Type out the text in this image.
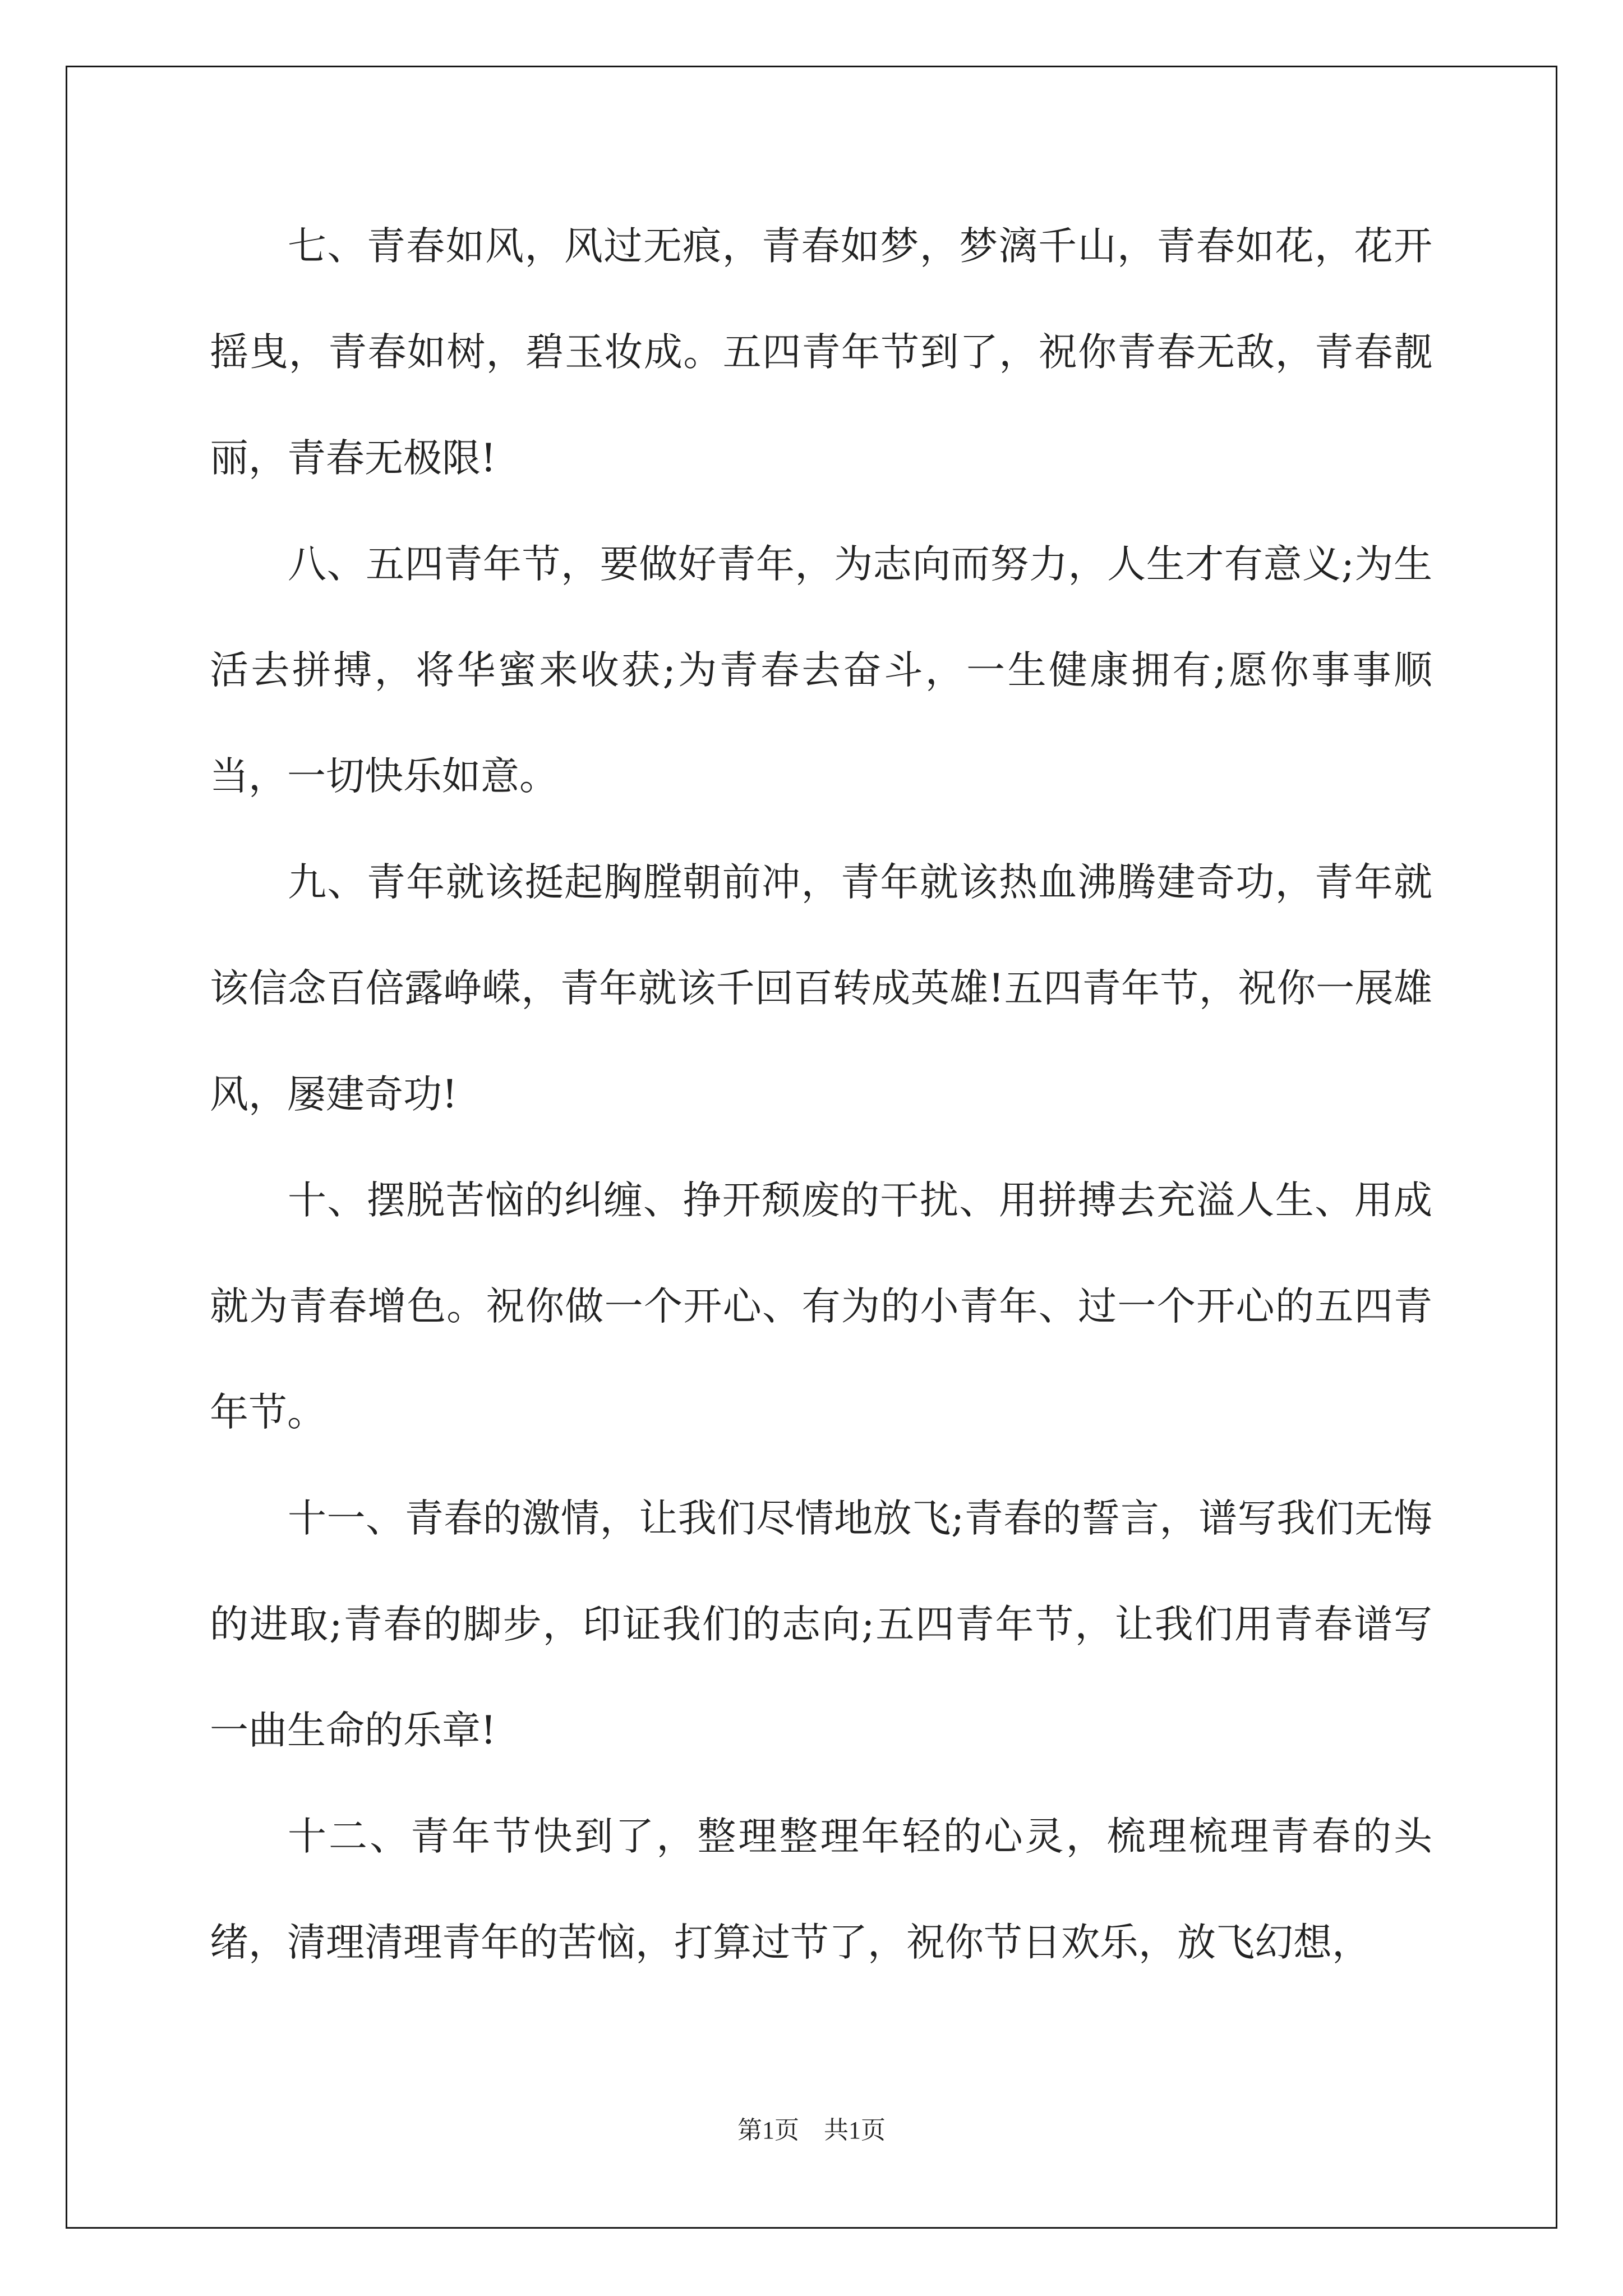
七、青春如风，风过无痕，青春如梦，梦漓千山，青春如花，花开摇曳，青春如树，碧玉妆成。五四青年节到了，祝你青春无敌，青春靓丽，青春无极限!

八、五四青年节，要做好青年，为志向而努力，人生才有意义;为生活去拼搏，将华蜜来收获;为青春去奋斗，一生健康拥有;愿你事事顺当，一切快乐如意。

九、青年就该挺起胸膛朝前冲，青年就该热血沸腾建奇功，青年就该信念百倍露峥嵘，青年就该千回百转成英雄!五四青年节，祝你一展雄风，屡建奇功!

十、摆脱苦恼的纠缠、挣开颓废的干扰、用拼搏去充溢人生、用成就为青春增色。祝你做一个开心、有为的小青年、过一个开心的五四青年节。

十一、青春的激情，让我们尽情地放飞;青春的誓言，谱写我们无悔的进取;青春的脚步，印证我们的志向;五四青年节，让我们用青春谱写一曲生命的乐章!

十二、青年节快到了，整理整理年轻的心灵，梳理梳理青春的头绪，清理清理青年的苦恼，打算过节了，祝你节日欢乐，放飞幻想，

第1页 共1页
